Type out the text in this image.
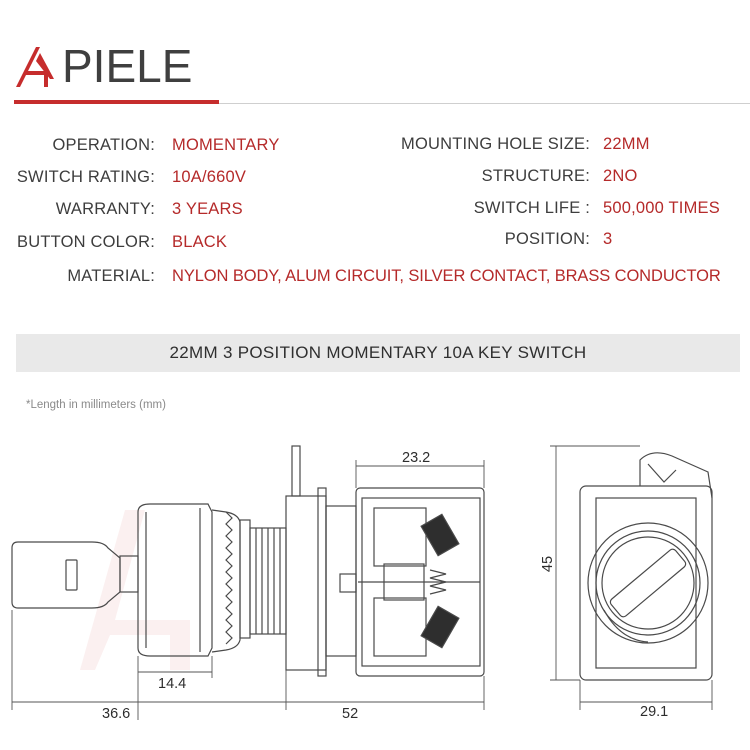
PIELE
OPERATION: MOMENTARY
SWITCH RATING: 10A/660V
WARRANTY: 3 YEARS
BUTTON COLOR: BLACK
MATERIAL: NYLON BODY, ALUM CIRCUIT, SILVER CONTACT, BRASS CONDUCTOR
MOUNTING HOLE SIZE: 22MM
STRUCTURE: 2NO
SWITCH LIFE : 500,000 TIMES
POSITION: 3
22MM 3 POSITION MOMENTARY 10A KEY SWITCH
*Length in millimeters (mm)
23.2
14.4
36.6	52
45
29.1
